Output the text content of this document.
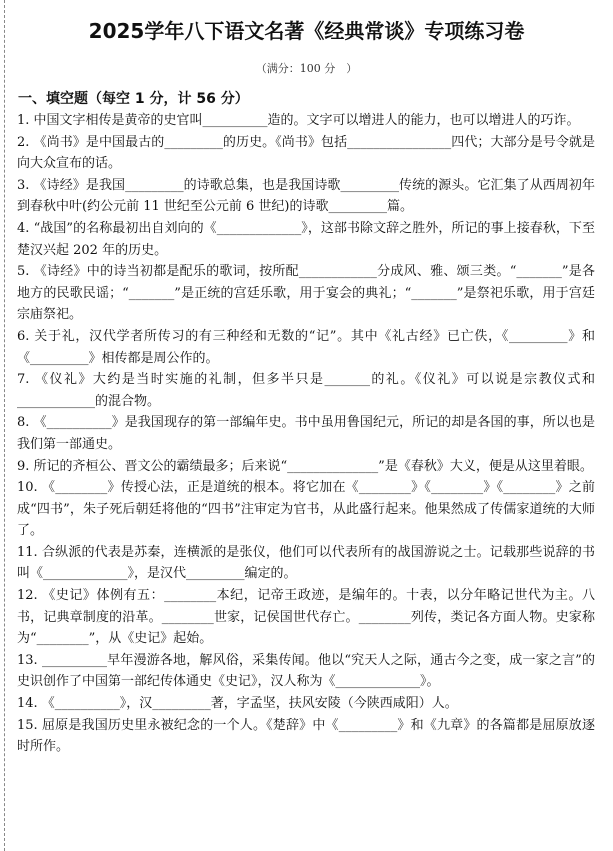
2025学年八下语文名著《经典常谈》专项练习卷
（满分：100 分　）
一、填空题（每空 1 分，计 56 分）

1. 中国文字相传是黄帝的史官叫__________造的。文字可以增进人的能力，也可以增进人的巧诈。

2. 《尚书》是中国最古的_________的历史。《尚书》包括________________四代；大部分是号令就是向大众宣布的话。

3. 《诗经》是我国_________的诗歌总集，也是我国诗歌_________传统的源头。它汇集了从西周初年到春秋中叶(约公元前 11 世纪至公元前 6 世纪)的诗歌_________篇。

4. “战国”的名称最初出自刘向的《_____________》，这部书除文辞之胜外，所记的事上接春秋，下至楚汉兴起 202 年的历史。

5. 《诗经》中的诗当初都是配乐的歌词，按所配____________分成风、雅、颂三类。“_______”是各地方的民歌民谣；“_______”是正统的宫廷乐歌，用于宴会的典礼；“_______”是祭祀乐歌，用于宫廷宗庙祭祀。

6. 关于礼，汉代学者所传习的有三种经和无数的“记”。其中《礼古经》已亡佚，《_________》和《_________》相传都是周公作的。

7. 《仪礼》大约是当时实施的礼制，但多半只是_______的礼。《仪礼》可以说是宗教仪式和____________的混合物。

8. 《__________》是我国现存的第一部编年史。书中虽用鲁国纪元，所记的却是各国的事，所以也是我们第一部通史。

9. 所记的齐桓公、晋文公的霸绩最多；后来说“______________”是《春秋》大义，便是从这里着眼。

10. 《________》传授心法，正是道统的根本。将它加在《________》《________》《________》之前成“四书”，朱子死后朝廷将他的“四书”注审定为官书，从此盛行起来。他果然成了传儒家道统的大师了。

11. 合纵派的代表是苏秦，连横派的是张仪，他们可以代表所有的战国游说之士。记载那些说辞的书叫《_____________》，是汉代_________编定的。

12. 《史记》体例有五：________本纪，记帝王政迹，是编年的。十表，以分年略记世代为主。八书，记典章制度的沿革。________世家，记侯国世代存亡。________列传，类记各方面人物。史家称为“________”，从《史记》起始。

13. __________早年漫游各地，解风俗，采集传闻。他以“究天人之际，通古今之变，成一家之言”的史识创作了中国第一部纪传体通史《史记》，汉人称为《_____________》。

14. 《__________》，汉_________著，字孟坚，扶风安陵（今陕西咸阳）人。

15. 屈原是我国历史里永被纪念的一个人。《楚辞》中《_________》和《九章》的各篇都是屈原放逐时所作。
